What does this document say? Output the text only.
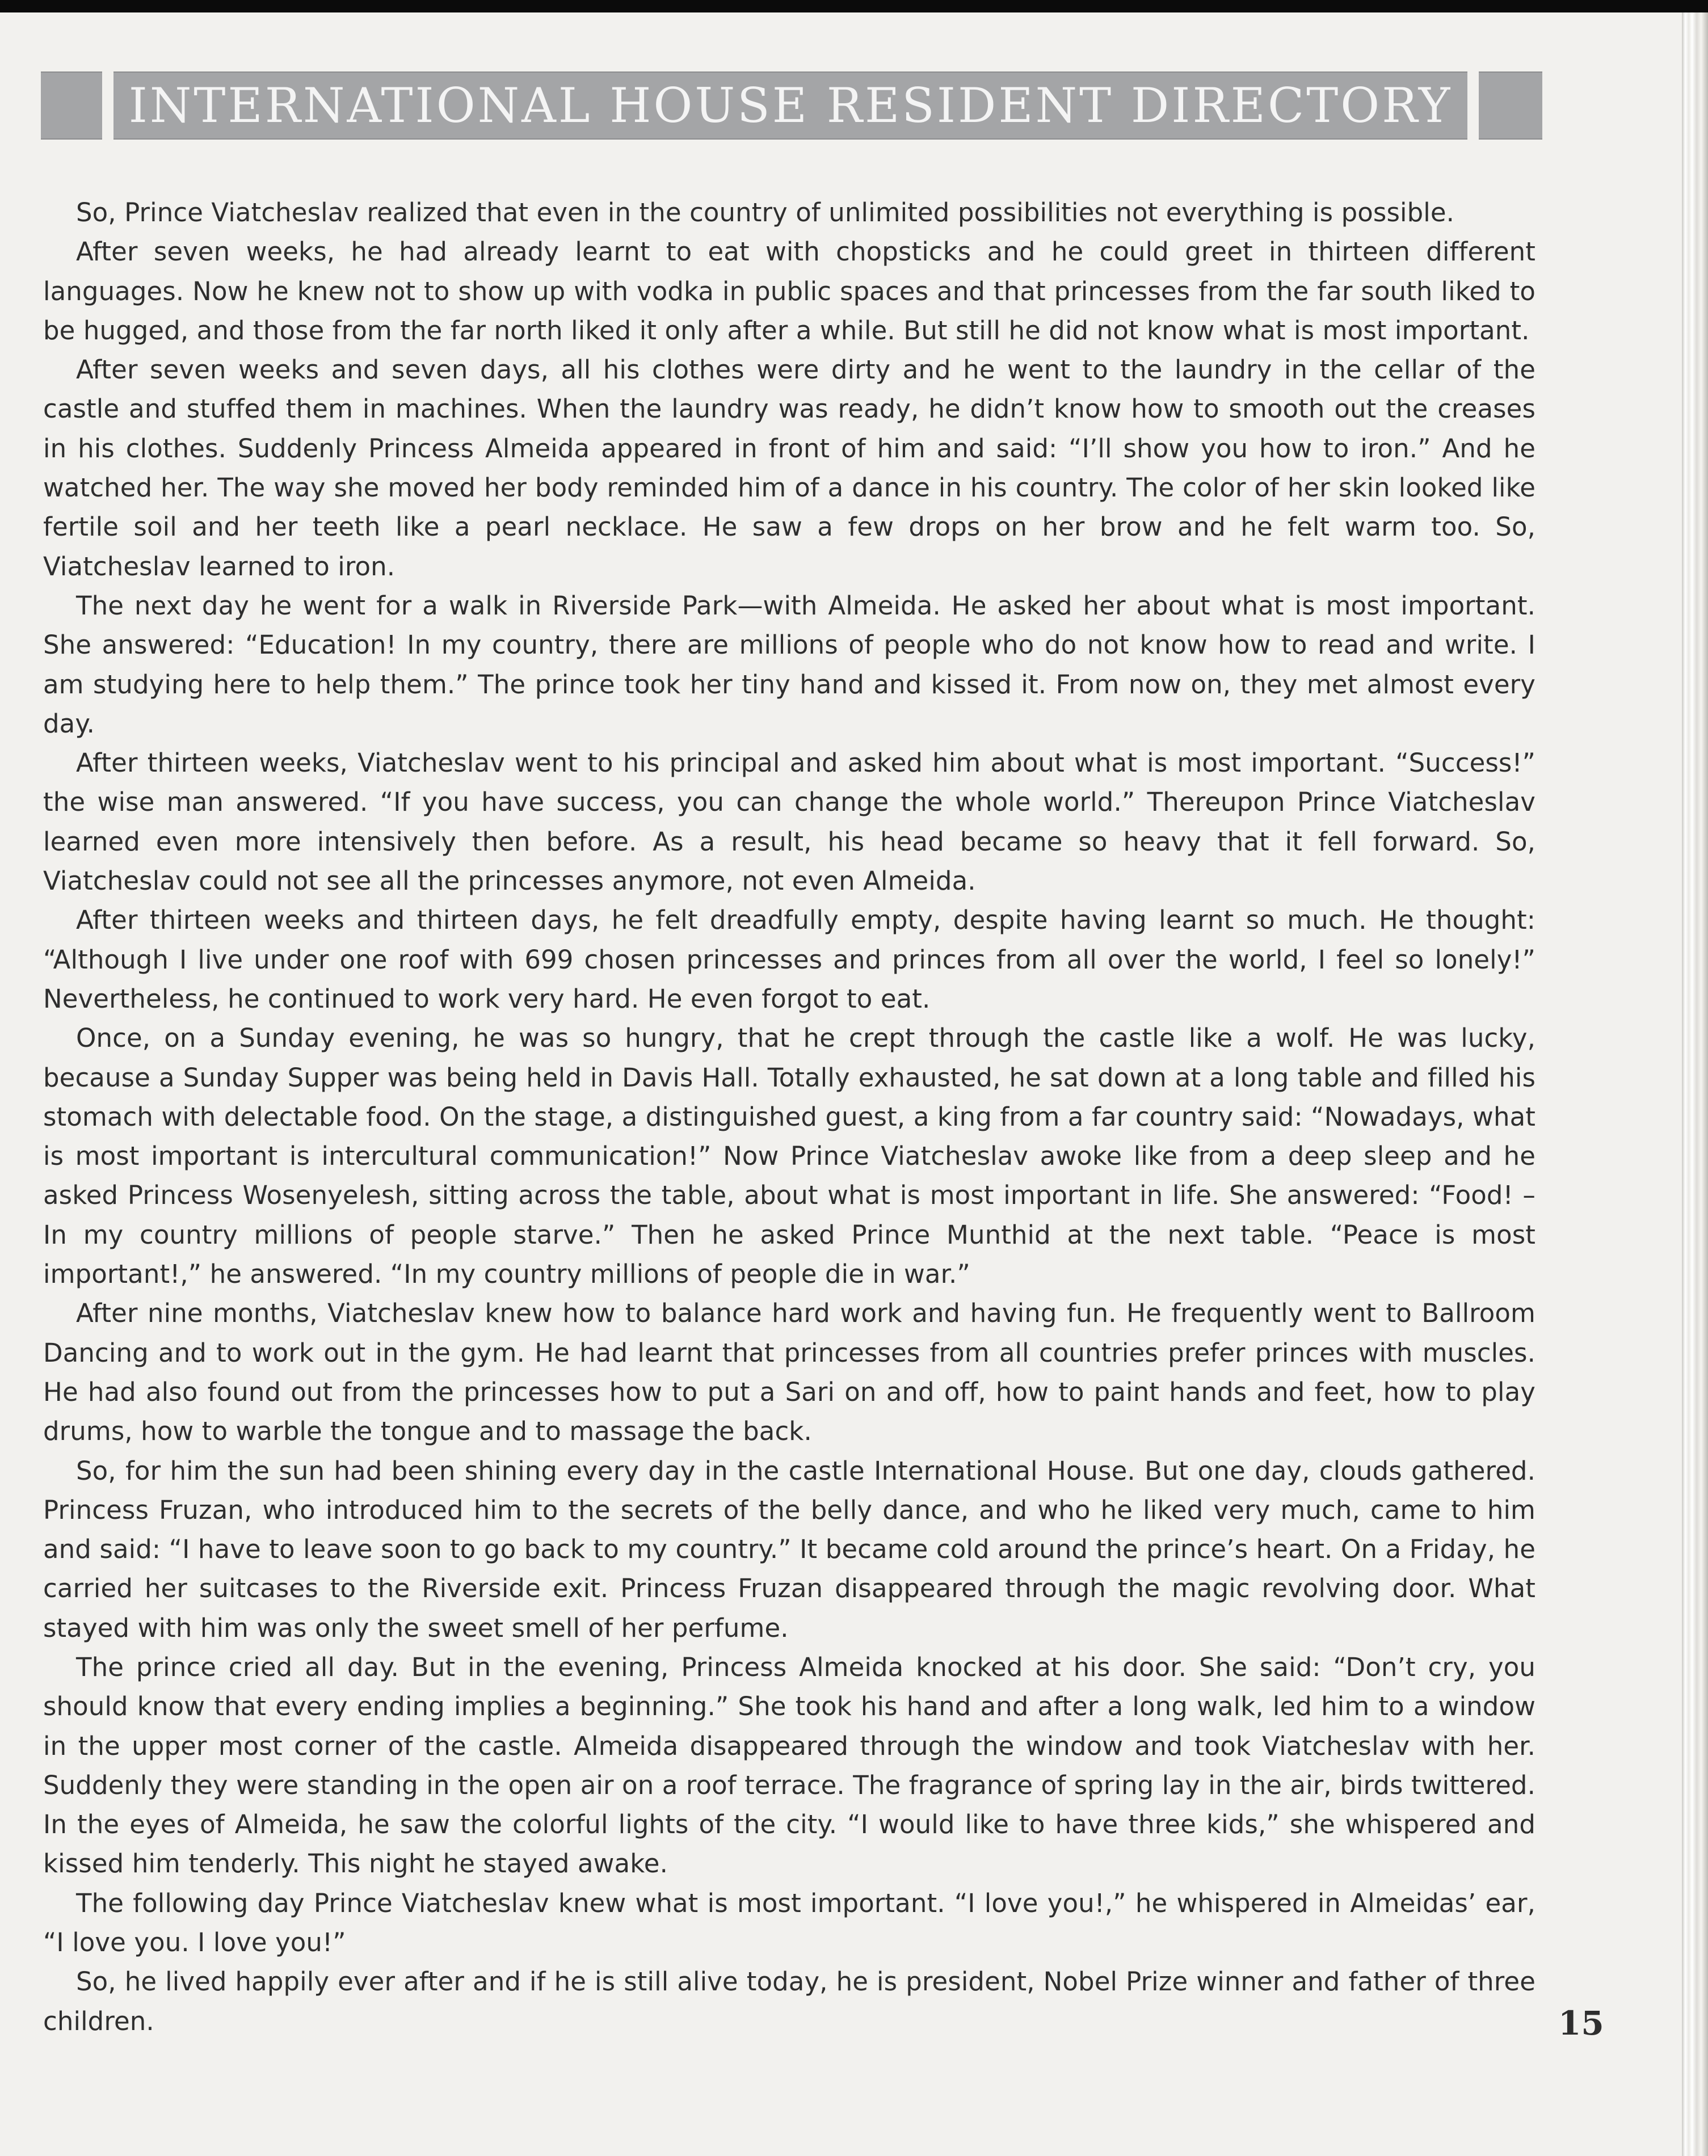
INTERNATIONAL HOUSE RESIDENT DIRECTORY

So, Prince Viatcheslav realized that even in the country of unlimited possibilities not everything is possible.

After seven weeks, he had already learnt to eat with chopsticks and he could greet in thirteen different languages. Now he knew not to show up with vodka in public spaces and that princesses from the far south liked to be hugged, and those from the far north liked it only after a while. But still he did not know what is most important.

After seven weeks and seven days, all his clothes were dirty and he went to the laundry in the cellar of the castle and stuffed them in machines. When the laundry was ready, he didn’t know how to smooth out the creases in his clothes. Suddenly Princess Almeida appeared in front of him and said: “I’ll show you how to iron.” And he watched her. The way she moved her body reminded him of a dance in his country. The color of her skin looked like fertile soil and her teeth like a pearl necklace. He saw a few drops on her brow and he felt warm too. So, Viatcheslav learned to iron.

The next day he went for a walk in Riverside Park—with Almeida. He asked her about what is most important. She answered: “Education! In my country, there are millions of people who do not know how to read and write. I am studying here to help them.” The prince took her tiny hand and kissed it. From now on, they met almost every day.

After thirteen weeks, Viatcheslav went to his principal and asked him about what is most important. “Success!” the wise man answered. “If you have success, you can change the whole world.” Thereupon Prince Viatcheslav learned even more intensively then before. As a result, his head became so heavy that it fell forward. So, Viatcheslav could not see all the princesses anymore, not even Almeida.

After thirteen weeks and thirteen days, he felt dreadfully empty, despite having learnt so much. He thought: “Although I live under one roof with 699 chosen princesses and princes from all over the world, I feel so lonely!” Nevertheless, he continued to work very hard. He even forgot to eat.

Once, on a Sunday evening, he was so hungry, that he crept through the castle like a wolf. He was lucky, because a Sunday Supper was being held in Davis Hall. Totally exhausted, he sat down at a long table and filled his stomach with delectable food. On the stage, a distinguished guest, a king from a far country said: “Nowadays, what is most important is intercultural communication!” Now Prince Viatcheslav awoke like from a deep sleep and he asked Princess Wosenyelesh, sitting across the table, about what is most important in life. She answered: “Food! – In my country millions of people starve.” Then he asked Prince Munthid at the next table. “Peace is most important!,” he answered. “In my country millions of people die in war.”

After nine months, Viatcheslav knew how to balance hard work and having fun. He frequently went to Ballroom Dancing and to work out in the gym. He had learnt that princesses from all countries prefer princes with muscles. He had also found out from the princesses how to put a Sari on and off, how to paint hands and feet, how to play drums, how to warble the tongue and to massage the back.

So, for him the sun had been shining every day in the castle International House. But one day, clouds gathered. Princess Fruzan, who introduced him to the secrets of the belly dance, and who he liked very much, came to him and said: “I have to leave soon to go back to my country.” It became cold around the prince’s heart. On a Friday, he carried her suitcases to the Riverside exit. Princess Fruzan disappeared through the magic revolving door. What stayed with him was only the sweet smell of her perfume.

The prince cried all day. But in the evening, Princess Almeida knocked at his door. She said: “Don’t cry, you should know that every ending implies a beginning.” She took his hand and after a long walk, led him to a window in the upper most corner of the castle. Almeida disappeared through the window and took Viatcheslav with her. Suddenly they were standing in the open air on a roof terrace. The fragrance of spring lay in the air, birds twittered. In the eyes of Almeida, he saw the colorful lights of the city. “I would like to have three kids,” she whispered and kissed him tenderly. This night he stayed awake.

The following day Prince Viatcheslav knew what is most important. “I love you!,” he whispered in Almeidas’ ear, “I love you. I love you!”

So, he lived happily ever after and if he is still alive today, he is president, Nobel Prize winner and father of three children.	15
